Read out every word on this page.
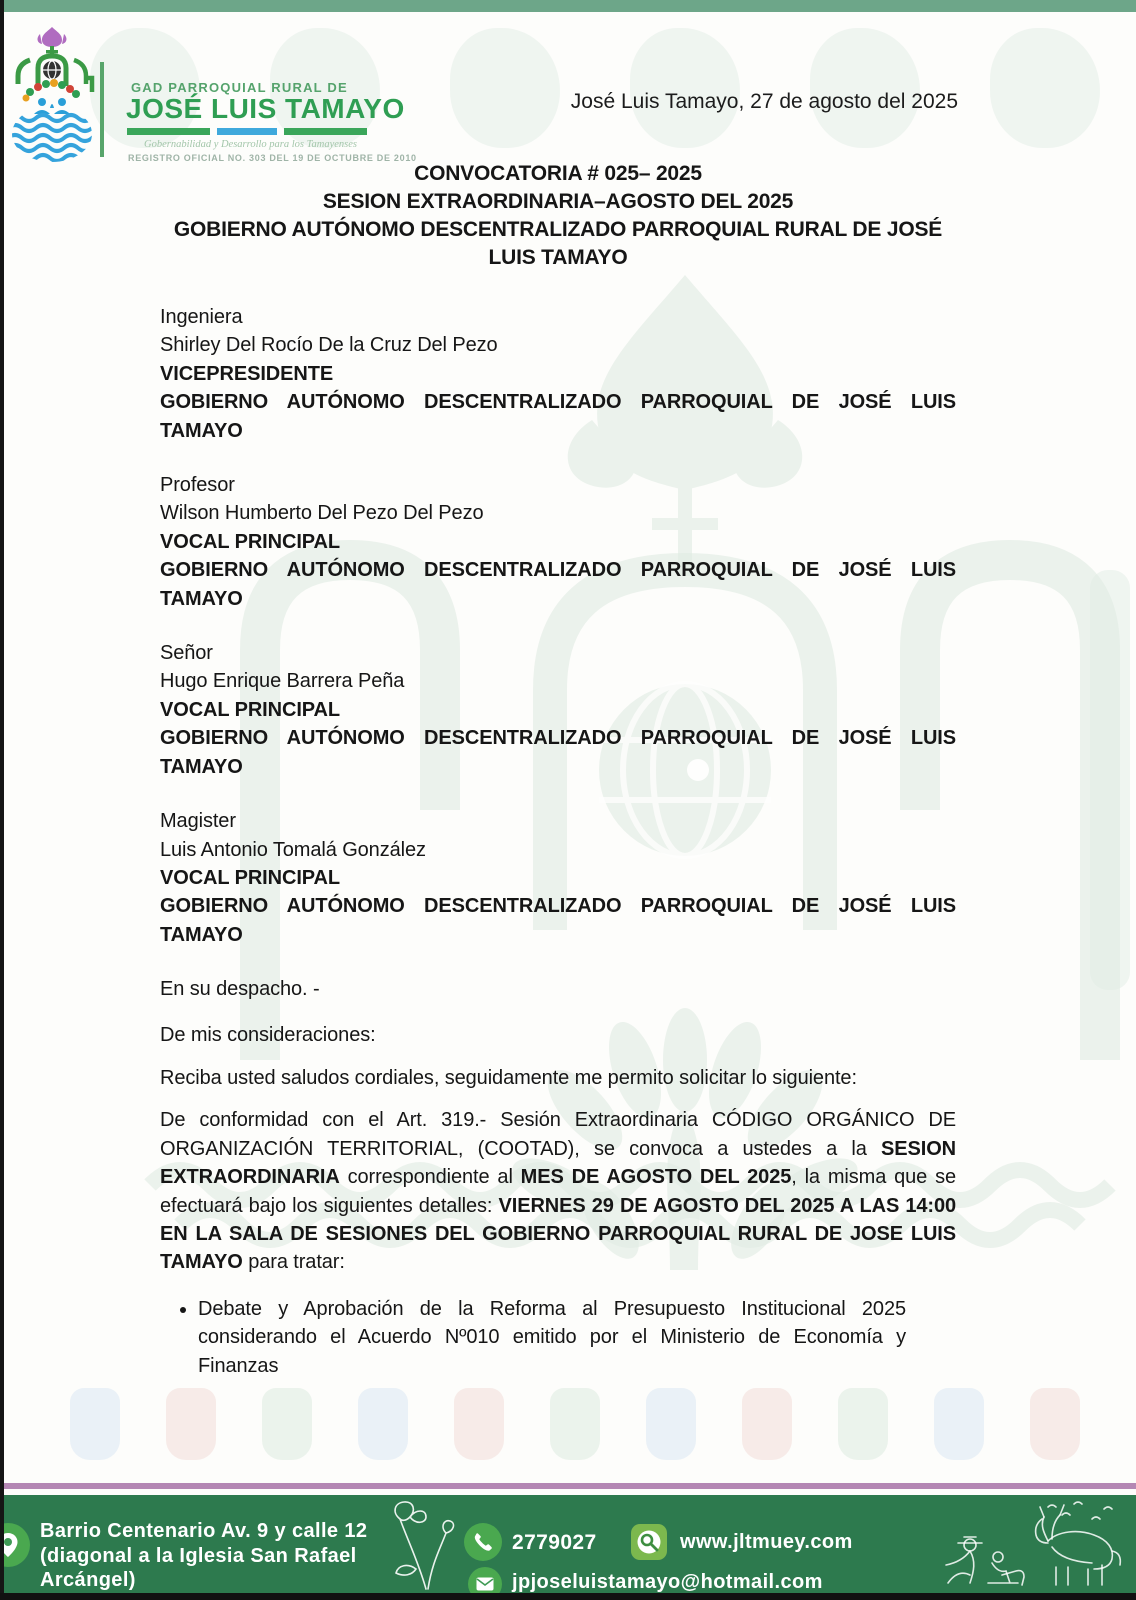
GAD PARROQUIAL RURAL DE
JOSÉ LUIS TAMAYO
Gobernabilidad y Desarrollo para los Tamayenses
REGISTRO OFICIAL NO. 303 DEL 19 DE OCTUBRE DE 2010
José Luis Tamayo, 27 de agosto del 2025
CONVOCATORIA # 025– 2025
SESION EXTRAORDINARIA–AGOSTO DEL 2025
GOBIERNO AUTÓNOMO DESCENTRALIZADO PARROQUIAL RURAL DE JOSÉ LUIS TAMAYO
Ingeniera
Shirley Del Rocío De la Cruz Del Pezo
VICEPRESIDENTE
GOBIERNO AUTÓNOMO DESCENTRALIZADO PARROQUIAL DE JOSÉ LUIS TAMAYO
Profesor
Wilson Humberto Del Pezo Del Pezo
VOCAL PRINCIPAL
GOBIERNO AUTÓNOMO DESCENTRALIZADO PARROQUIAL DE JOSÉ LUIS TAMAYO
Señor
Hugo Enrique Barrera Peña
VOCAL PRINCIPAL
GOBIERNO AUTÓNOMO DESCENTRALIZADO PARROQUIAL DE JOSÉ LUIS TAMAYO
Magister
Luis Antonio Tomalá González
VOCAL PRINCIPAL
GOBIERNO AUTÓNOMO DESCENTRALIZADO PARROQUIAL DE JOSÉ LUIS TAMAYO
En su despacho. -
De mis consideraciones:
Reciba usted saludos cordiales, seguidamente me permito solicitar lo siguiente:
De conformidad con el Art. 319.- Sesión Extraordinaria CÓDIGO ORGÁNICO DE ORGANIZACIÓN TERRITORIAL, (COOTAD), se convoca a ustedes a la SESION EXTRAORDINARIA correspondiente al MES DE AGOSTO DEL 2025, la misma que se efectuará bajo los siguientes detalles: VIERNES 29 DE AGOSTO DEL 2025 A LAS 14:00 EN LA SALA DE SESIONES DEL GOBIERNO PARROQUIAL RURAL DE JOSE LUIS TAMAYO para tratar:
• Debate y Aprobación de la Reforma al Presupuesto Institucional 2025 considerando el Acuerdo Nº010 emitido por el Ministerio de Economía y Finanzas
Barrio Centenario Av. 9 y calle 12
(diagonal a la Iglesia San Rafael
Arcángel)
2779027	www.jltmuey.com
jpjoseluistamayo@hotmail.com
